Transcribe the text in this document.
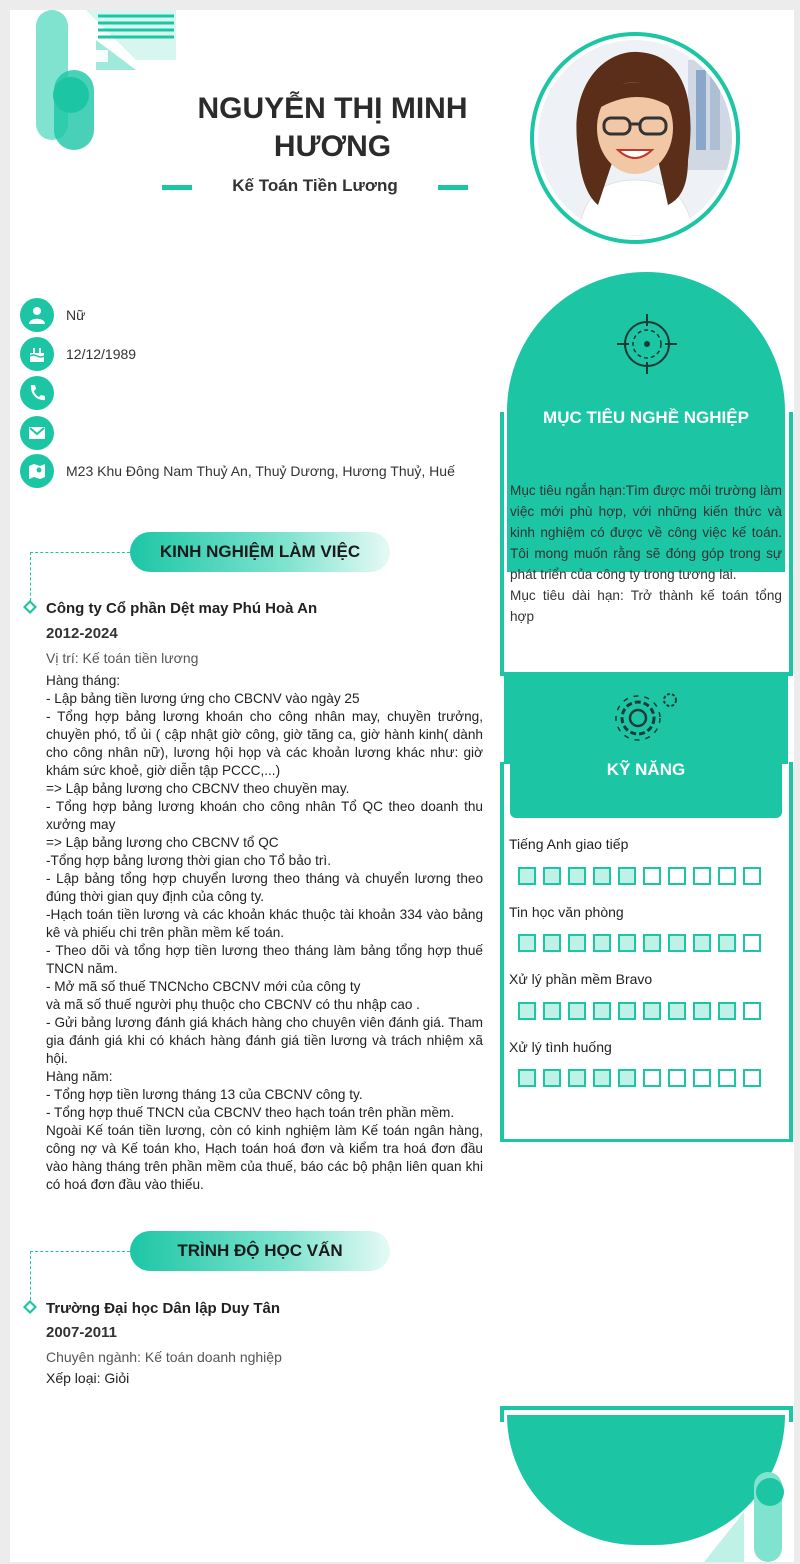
NGUYỄN THỊ MINH HƯƠNG
Kế Toán Tiền Lương
Nữ
12/12/1989
M23 Khu Đông Nam Thuỷ An, Thuỷ Dương, Hương Thuỷ, Huế
KINH NGHIỆM LÀM VIỆC
Công ty Cổ phần Dệt may Phú Hoà An
2012-2024
Vị trí: Kế toán tiền lương
Hàng tháng:
- Lập bảng tiền lương ứng cho CBCNV vào ngày 25
- Tổng hợp bảng lương khoán cho công nhân may, chuyền trưởng, chuyền phó, tổ ủi ( cập nhật giờ công, giờ tăng ca, giờ hành kinh( dành cho công nhân nữ), lương hội họp và các khoản lương khác như: giờ khám sức khoẻ, giờ diễn tập PCCC,...)
=> Lập bảng lương cho CBCNV theo chuyền may.
- Tổng hợp bảng lương khoán cho công nhân Tổ QC theo doanh thu xưởng may
=> Lập bảng lương cho CBCNV tổ QC
-Tổng hợp bảng lương thời gian cho Tổ bảo trì.
- Lập bảng tổng hợp chuyển lương theo tháng và chuyển lương theo đúng thời gian quy định của công ty.
-Hạch toán tiền lương và các khoản khác thuộc tài khoản 334 vào bảng kê và phiếu chi trên phần mềm kế toán.
- Theo dõi và tổng hợp tiền lương theo tháng làm bảng tổng hợp thuế TNCN năm.
- Mở mã số thuế TNCNcho CBCNV mới của công ty
và mã số thuế người phụ thuộc cho CBCNV có thu nhập cao .
- Gửi bảng lương đánh giá khách hàng cho chuyên viên đánh giá. Tham gia đánh giá khi có khách hàng đánh giá tiền lương và trách nhiệm xã hội.
Hàng năm:
- Tổng hợp tiền lương tháng 13 của CBCNV công ty.
- Tổng hợp thuế TNCN của CBCNV theo hạch toán trên phần mềm.
Ngoài Kế toán tiền lương, còn có kinh nghiệm làm Kế toán ngân hàng, công nợ và Kế toán kho, Hạch toán hoá đơn và kiểm tra hoá đơn đầu vào hàng tháng trên phần mềm của thuế, báo các bộ phận liên quan khi có hoá đơn đầu vào thiếu.
TRÌNH ĐỘ HỌC VẤN
Trường Đại học Dân lập Duy Tân
2007-2011
Chuyên ngành: Kế toán doanh nghiệp
Xếp loại: Giỏi
MỤC TIÊU NGHỀ NGHIỆP
Mục tiêu ngắn hạn:Tìm được môi trường làm việc mới phù hợp, với những kiến thức và kinh nghiệm có được về công việc kế toán. Tôi mong muốn rằng sẽ đóng góp trong sự phát triển của công ty trong tương lai.
Mục tiêu dài hạn: Trở thành kế toán tổng hợp
KỸ NĂNG
Tiếng Anh giao tiếp
Tin học văn phòng
Xử lý phần mềm Bravo
Xử lý tình huống
